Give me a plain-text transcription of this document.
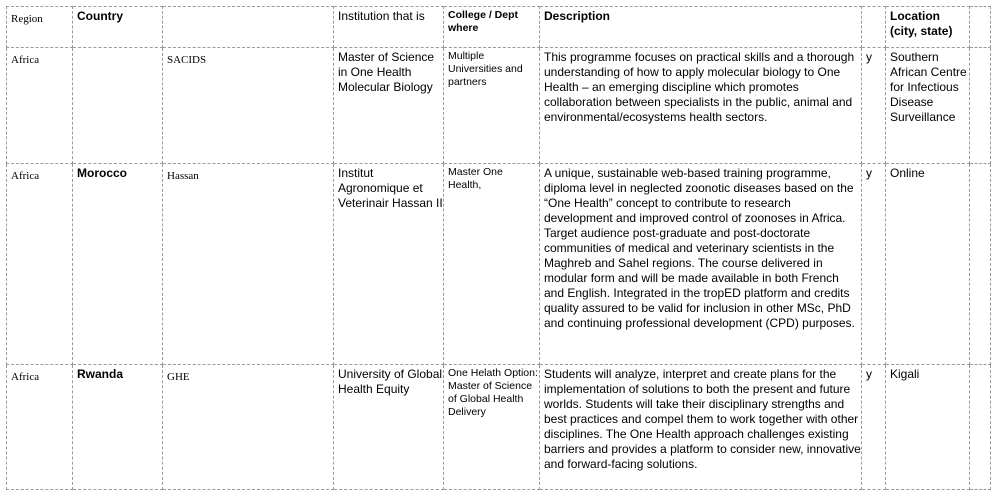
Region	Country		Institution that is	College / Dept where	Description		Location (city, state)	
Africa		SACIDS	Master of Science in One Health Molecular Biology	Multiple Universities and partners	This programme focuses on practical skills and a thorough understanding of how to apply molecular biology to One Health – an emerging discipline which promotes collaboration between specialists in the public, animal and environmental/ecosystems health sectors.	y	Southern African Centre for Infectious Disease Surveillance	
Africa	Morocco	Hassan	Institut Agronomique et Veterinair Hassan II	Master One Health,	A unique, sustainable web-based training programme, diploma level in neglected zoonotic diseases based on the “One Health” concept to contribute to research development and improved control of zoonoses in Africa. Target audience post-graduate and post-doctorate communities of medical and veterinary scientists in the Maghreb and Sahel regions. The course delivered in modular form and will be made available in both French and English. Integrated in the tropED platform and credits quality assured to be valid for inclusion in other MSc, PhD and continuing professional development (CPD) purposes.	y	Online	
Africa	Rwanda	GHE	University of Global Health Equity	One Helath Option: Master of Science of Global Health Delivery	Students will analyze, interpret and create plans for the implementation of solutions to both the present and future worlds. Students will take their disciplinary strengths and best practices and compel them to work together with other disciplines. The One Health approach challenges existing barriers and provides a platform to consider new, innovative and forward-facing solutions.	y	Kigali	
